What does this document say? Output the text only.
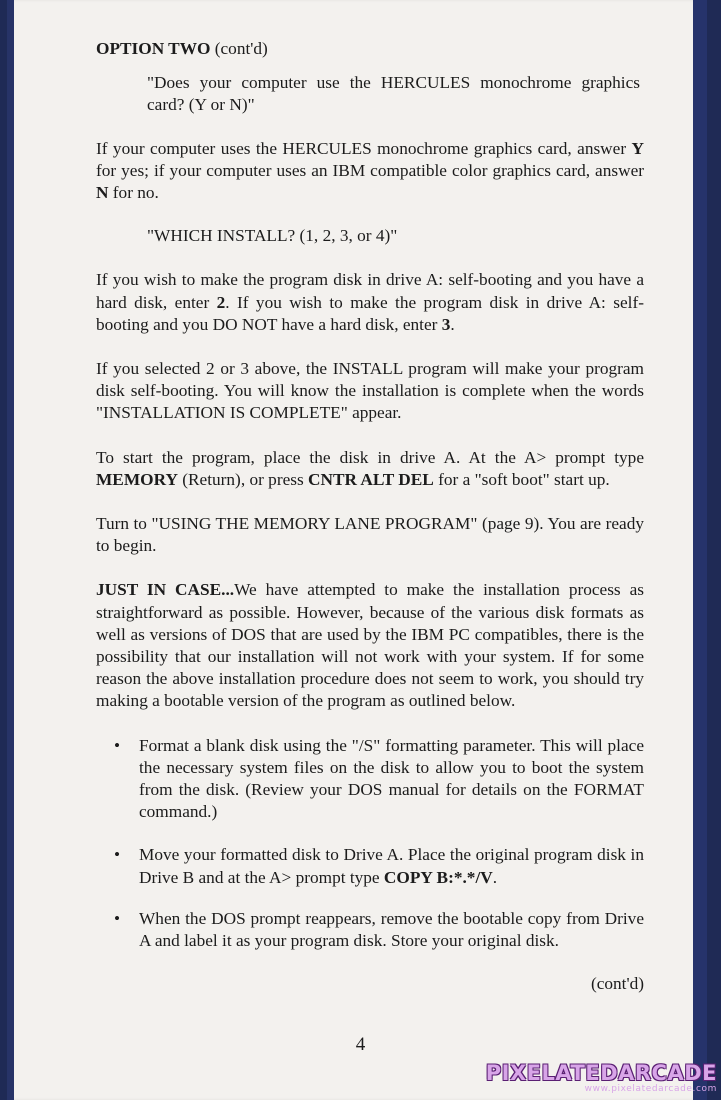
OPTION TWO (cont'd)

"Does your computer use the HERCULES monochrome graphics card? (Y or N)"

If your computer uses the HERCULES monochrome graphics card, answer Y for yes; if your computer uses an IBM compatible color graphics card, answer N for no.

"WHICH INSTALL? (1, 2, 3, or 4)"

If you wish to make the program disk in drive A: self-booting and you have a hard disk, enter 2. If you wish to make the program disk in drive A: self-booting and you DO NOT have a hard disk, enter 3.

If you selected 2 or 3 above, the INSTALL program will make your program disk self-booting. You will know the installation is complete when the words "INSTALLATION IS COMPLETE" appear.

To start the program, place the disk in drive A. At the A> prompt type MEMORY (Return), or press CNTR ALT DEL for a "soft boot" start up.

Turn to "USING THE MEMORY LANE PROGRAM" (page 9). You are ready to begin.

JUST IN CASE...We have attempted to make the installation process as straightforward as possible. However, because of the various disk formats as well as versions of DOS that are used by the IBM PC compatibles, there is the possibility that our installation will not work with your system. If for some reason the above installation procedure does not seem to work, you should try making a bootable version of the program as outlined below.

• Format a blank disk using the "/S" formatting parameter. This will place the necessary system files on the disk to allow you to boot the system from the disk. (Review your DOS manual for details on the FORMAT command.)
• Move your formatted disk to Drive A. Place the original program disk in Drive B and at the A> prompt type COPY B:*.*/V.
• When the DOS prompt reappears, remove the bootable copy from Drive A and label it as your program disk. Store your original disk.

(cont'd)

4
PIXELATEDARCADE
www.pixelatedarcade.com
